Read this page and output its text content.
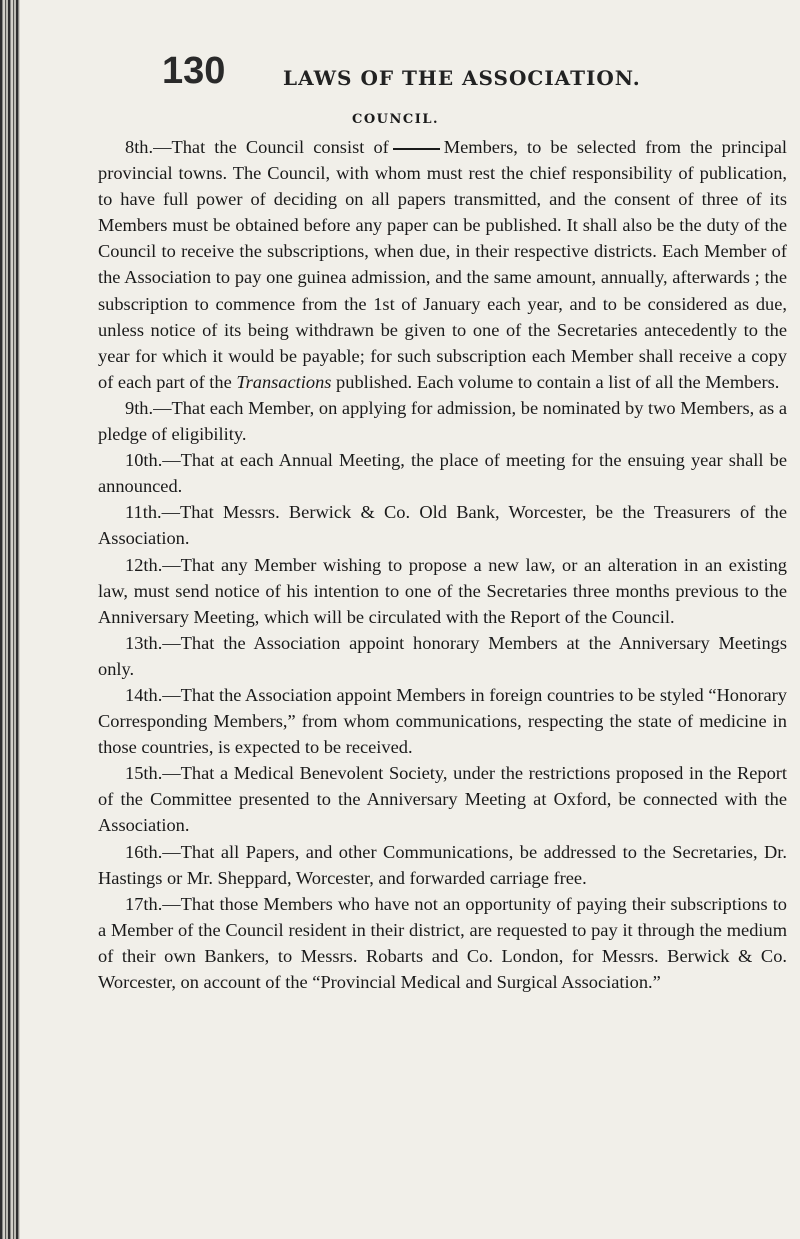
130	LAWS OF THE ASSOCIATION.
COUNCIL.

8th.—That the Council consist of	Members, to be selected from the principal provincial towns. The Council, with whom must rest the chief responsibility of publication, to have full power of deciding on all papers transmitted, and the consent of three of its Members must be obtained before any paper can be published. It shall also be the duty of the Council to receive the subscriptions, when due, in their respective districts. Each Member of the Association to pay one guinea admission, and the same amount, annually, afterwards ; the subscription to commence from the 1st of January each year, and to be considered as due, unless notice of its being withdrawn be given to one of the Secretaries antecedently to the year for which it would be payable; for such subscription each Member shall receive a copy of each part of the Transactions published. Each volume to contain a list of all the Members.

9th.—That each Member, on applying for admission, be nominated by two Members, as a pledge of eligibility.

10th.—That at each Annual Meeting, the place of meeting for the ensuing year shall be announced.

11th.—That Messrs. Berwick & Co. Old Bank, Worcester, be the Treasurers of the Association.

12th.—That any Member wishing to propose a new law, or an alteration in an existing law, must send notice of his intention to one of the Secretaries three months previous to the Anniversary Meeting, which will be circulated with the Report of the Council.

13th.—That the Association appoint honorary Members at the Anniversary Meetings only.

14th.—That the Association appoint Members in foreign countries to be styled “Honorary Corresponding Members,” from whom communications, respecting the state of medicine in those countries, is expected to be received.

15th.—That a Medical Benevolent Society, under the restrictions proposed in the Report of the Committee presented to the Anniversary Meeting at Oxford, be connected with the Association.

16th.—That all Papers, and other Communications, be addressed to the Secretaries, Dr. Hastings or Mr. Sheppard, Worcester, and forwarded carriage free.

17th.—That those Members who have not an opportunity of paying their subscriptions to a Member of the Council resident in their district, are requested to pay it through the medium of their own Bankers, to Messrs. Robarts and Co. London, for Messrs. Berwick & Co. Worcester, on account of the “Provincial Medical and Surgical Association.”
